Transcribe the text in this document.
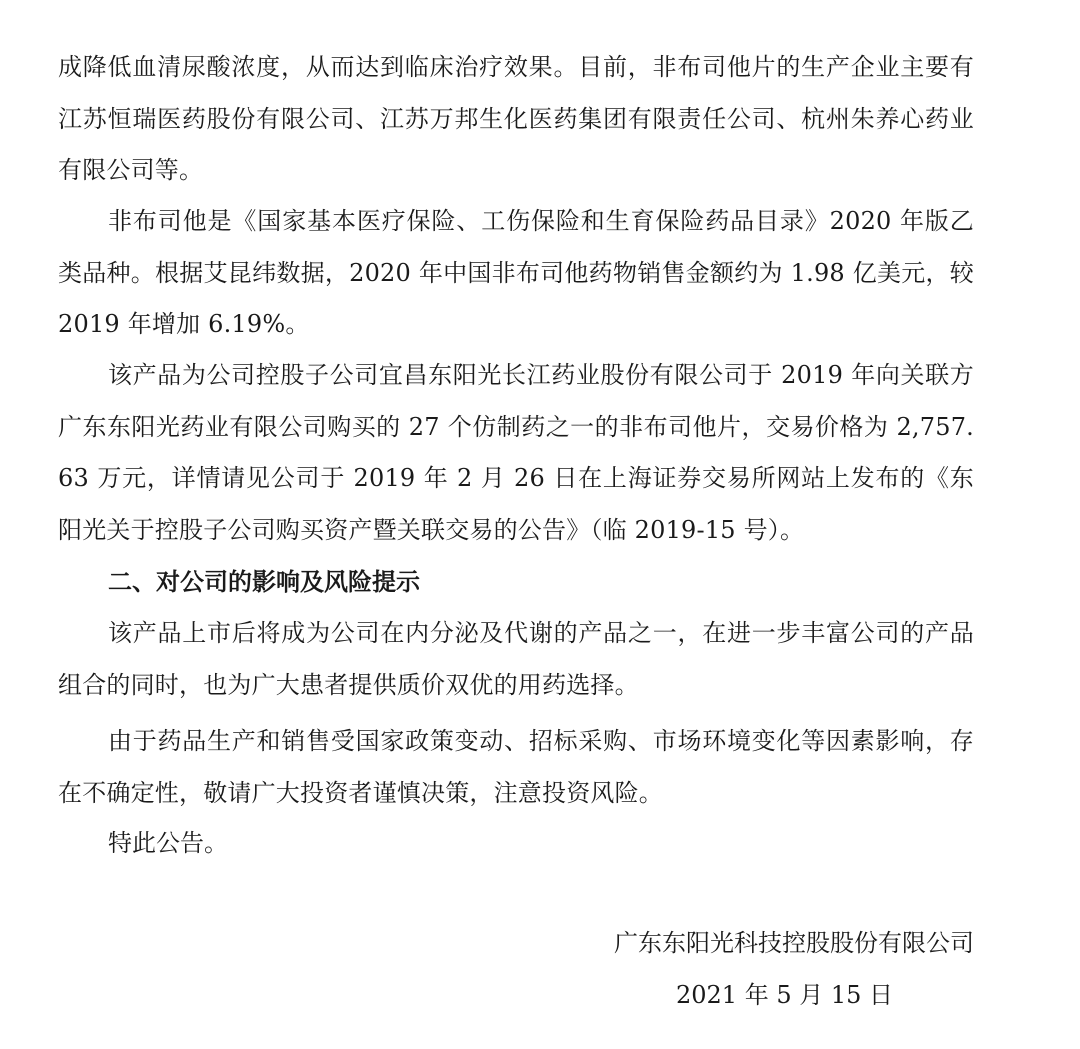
成降低血清尿酸浓度，从而达到临床治疗效果。目前，非布司他片的生产企业主要有江苏恒瑞医药股份有限公司、江苏万邦生化医药集团有限责任公司、杭州朱养心药业有限公司等。

非布司他是《国家基本医疗保险、工伤保险和生育保险药品目录》2020 年版乙类品种。根据艾昆纬数据，2020 年中国非布司他药物销售金额约为 1.98 亿美元，较 2019 年增加 6.19%。

该产品为公司控股子公司宜昌东阳光长江药业股份有限公司于 2019 年向关联方广东东阳光药业有限公司购买的 27 个仿制药之一的非布司他片，交易价格为 2,757.63 万元，详情请见公司于 2019 年 2 月 26 日在上海证券交易所网站上发布的《东阳光关于控股子公司购买资产暨关联交易的公告》（临 2019-15 号）。

二、对公司的影响及风险提示

该产品上市后将成为公司在内分泌及代谢的产品之一，在进一步丰富公司的产品组合的同时，也为广大患者提供质价双优的用药选择。

由于药品生产和销售受国家政策变动、招标采购、市场环境变化等因素影响，存在不确定性，敬请广大投资者谨慎决策，注意投资风险。

特此公告。

广东东阳光科技控股股份有限公司

2021 年 5 月 15 日
